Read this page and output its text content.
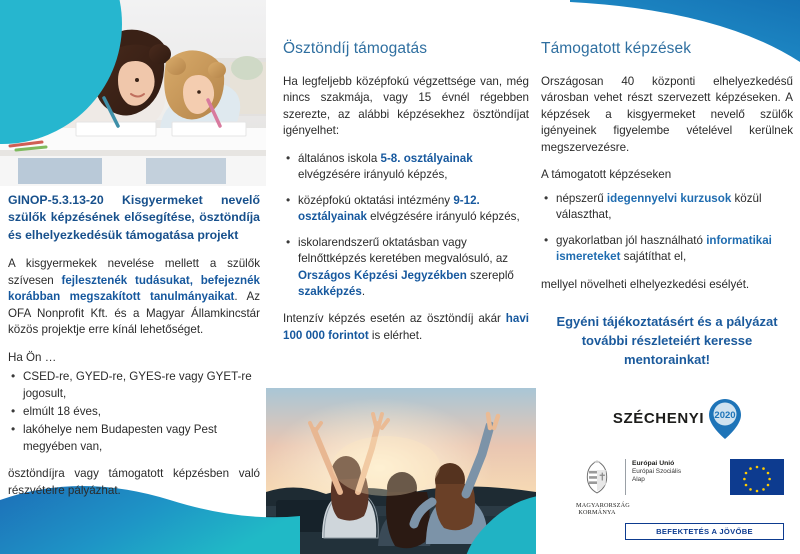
GINOP-5.3.13-20 Kisgyermeket nevelő szülők képzésének elősegítése, ösztöndíja és elhelyezkedésük támogatása projekt

A kisgyermekek nevelése mellett a szülők szívesen fejlesztenék tudásukat, befejeznék korábban megszakított tanulmányaikat. Az OFA Nonprofit Kft. és a Magyar Államkincstár közös projektje erre kínál lehetőséget.

Ha Ön …

• CSED-re, GYED-re, GYES-re vagy GYET-re jogosult,
• elmúlt 18 éves,
• lakóhelye nem Budapesten vagy Pest megyében van,

ösztöndíjra vagy támogatott képzésben való részvételre pályázhat.

Ösztöndíj támogatás

Ha legfeljebb középfokú végzettsége van, még nincs szakmája, vagy 15 évnél régebben szerezte, az alábbi képzésekhez ösztöndíjat igényelhet:

• általános iskola 5-8. osztályainak elvégzésére irányuló képzés,
• középfokú oktatási intézmény 9-12. osztályainak elvégzésére irányuló képzés,
• iskolarendszerű oktatásban vagy felnőttképzés keretében megvalósuló, az Országos Képzési Jegyzékben szereplő szakképzés.

Intenzív képzés esetén az ösztöndíj akár havi 100 000 forintot is elérhet.

Támogatott képzések

Országosan 40 központi elhelyezkedésű városban vehet részt szervezett képzéseken. A képzések a kisgyermeket nevelő szülők igényeinek figyelembe vételével kerülnek megszervezésre.

A támogatott képzéseken

• népszerű idegennyelvi kurzusok közül választhat,
• gyakorlatban jól használható informatikai ismereteket sajátíthat el,

mellyel növelheti elhelyezkedési esélyét.

Egyéni tájékoztatásért és a pályázat további részleteiért keresse mentorainkat!

SZÉCHENYI 2020
MAGYARORSZÁG
KORMÁNYA
Európai Unió
Európai Szociális
Alap
BEFEKTETÉS A JÖVŐBE
